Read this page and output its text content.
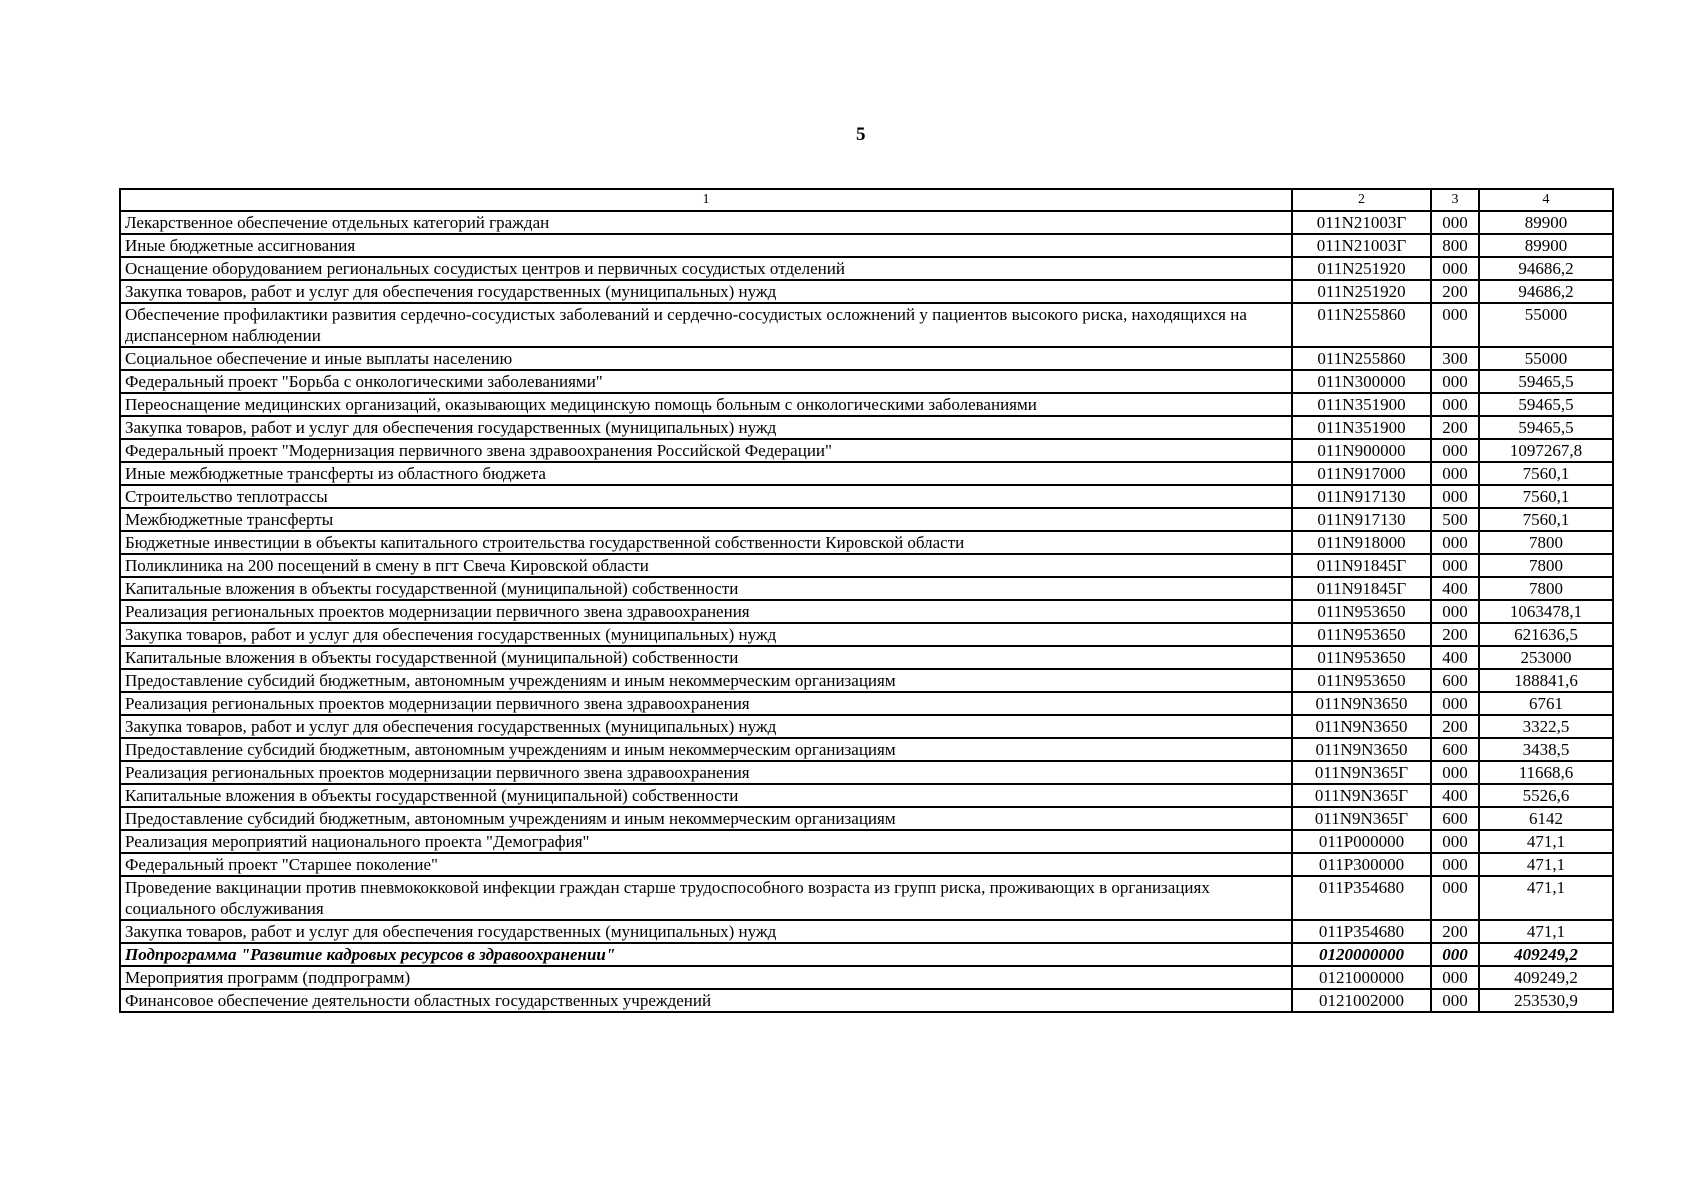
5
1	2	3	4
Лекарственное обеспечение отдельных категорий граждан	011N21003Г	000	89900
Иные бюджетные ассигнования	011N21003Г	800	89900
Оснащение оборудованием региональных сосудистых центров и первичных сосудистых отделений	011N251920	000	94686,2
Закупка товаров, работ и услуг для обеспечения государственных (муниципальных) нужд	011N251920	200	94686,2
Обеспечение профилактики развития сердечно-сосудистых заболеваний и сердечно-сосудистых осложнений у пациентов высокого риска, находящихся на диспансерном наблюдении	011N255860	000	55000
Социальное обеспечение и иные выплаты населению	011N255860	300	55000
Федеральный проект "Борьба с онкологическими заболеваниями"	011N300000	000	59465,5
Переоснащение медицинских организаций, оказывающих медицинскую помощь больным с онкологическими заболеваниями	011N351900	000	59465,5
Закупка товаров, работ и услуг для обеспечения государственных (муниципальных) нужд	011N351900	200	59465,5
Федеральный проект "Модернизация первичного звена здравоохранения Российской Федерации"	011N900000	000	1097267,8
Иные межбюджетные трансферты из областного бюджета	011N917000	000	7560,1
Строительство теплотрассы	011N917130	000	7560,1
Межбюджетные трансферты	011N917130	500	7560,1
Бюджетные инвестиции в объекты капитального строительства государственной собственности Кировской области	011N918000	000	7800
Поликлиника на 200 посещений в смену в пгт Свеча Кировской области	011N91845Г	000	7800
Капитальные вложения в объекты государственной (муниципальной) собственности	011N91845Г	400	7800
Реализация региональных проектов модернизации первичного звена здравоохранения	011N953650	000	1063478,1
Закупка товаров, работ и услуг для обеспечения государственных (муниципальных) нужд	011N953650	200	621636,5
Капитальные вложения в объекты государственной (муниципальной) собственности	011N953650	400	253000
Предоставление субсидий бюджетным, автономным учреждениям и иным некоммерческим организациям	011N953650	600	188841,6
Реализация региональных проектов модернизации первичного звена здравоохранения	011N9N3650	000	6761
Закупка товаров, работ и услуг для обеспечения государственных (муниципальных) нужд	011N9N3650	200	3322,5
Предоставление субсидий бюджетным, автономным учреждениям и иным некоммерческим организациям	011N9N3650	600	3438,5
Реализация региональных проектов модернизации первичного звена здравоохранения	011N9N365Г	000	11668,6
Капитальные вложения в объекты государственной (муниципальной) собственности	011N9N365Г	400	5526,6
Предоставление субсидий бюджетным, автономным учреждениям и иным некоммерческим организациям	011N9N365Г	600	6142
Реализация мероприятий национального проекта "Демография"	011P000000	000	471,1
Федеральный проект "Старшее поколение"	011P300000	000	471,1
Проведение вакцинации против пневмококковой инфекции граждан старше трудоспособного возраста из групп риска, проживающих в организациях социального обслуживания	011P354680	000	471,1
Закупка товаров, работ и услуг для обеспечения государственных (муниципальных) нужд	011P354680	200	471,1
Подпрограмма "Развитие кадровых ресурсов в здравоохранении"	0120000000	000	409249,2
Мероприятия программ (подпрограмм)	0121000000	000	409249,2
Финансовое обеспечение деятельности областных государственных учреждений	0121002000	000	253530,9
